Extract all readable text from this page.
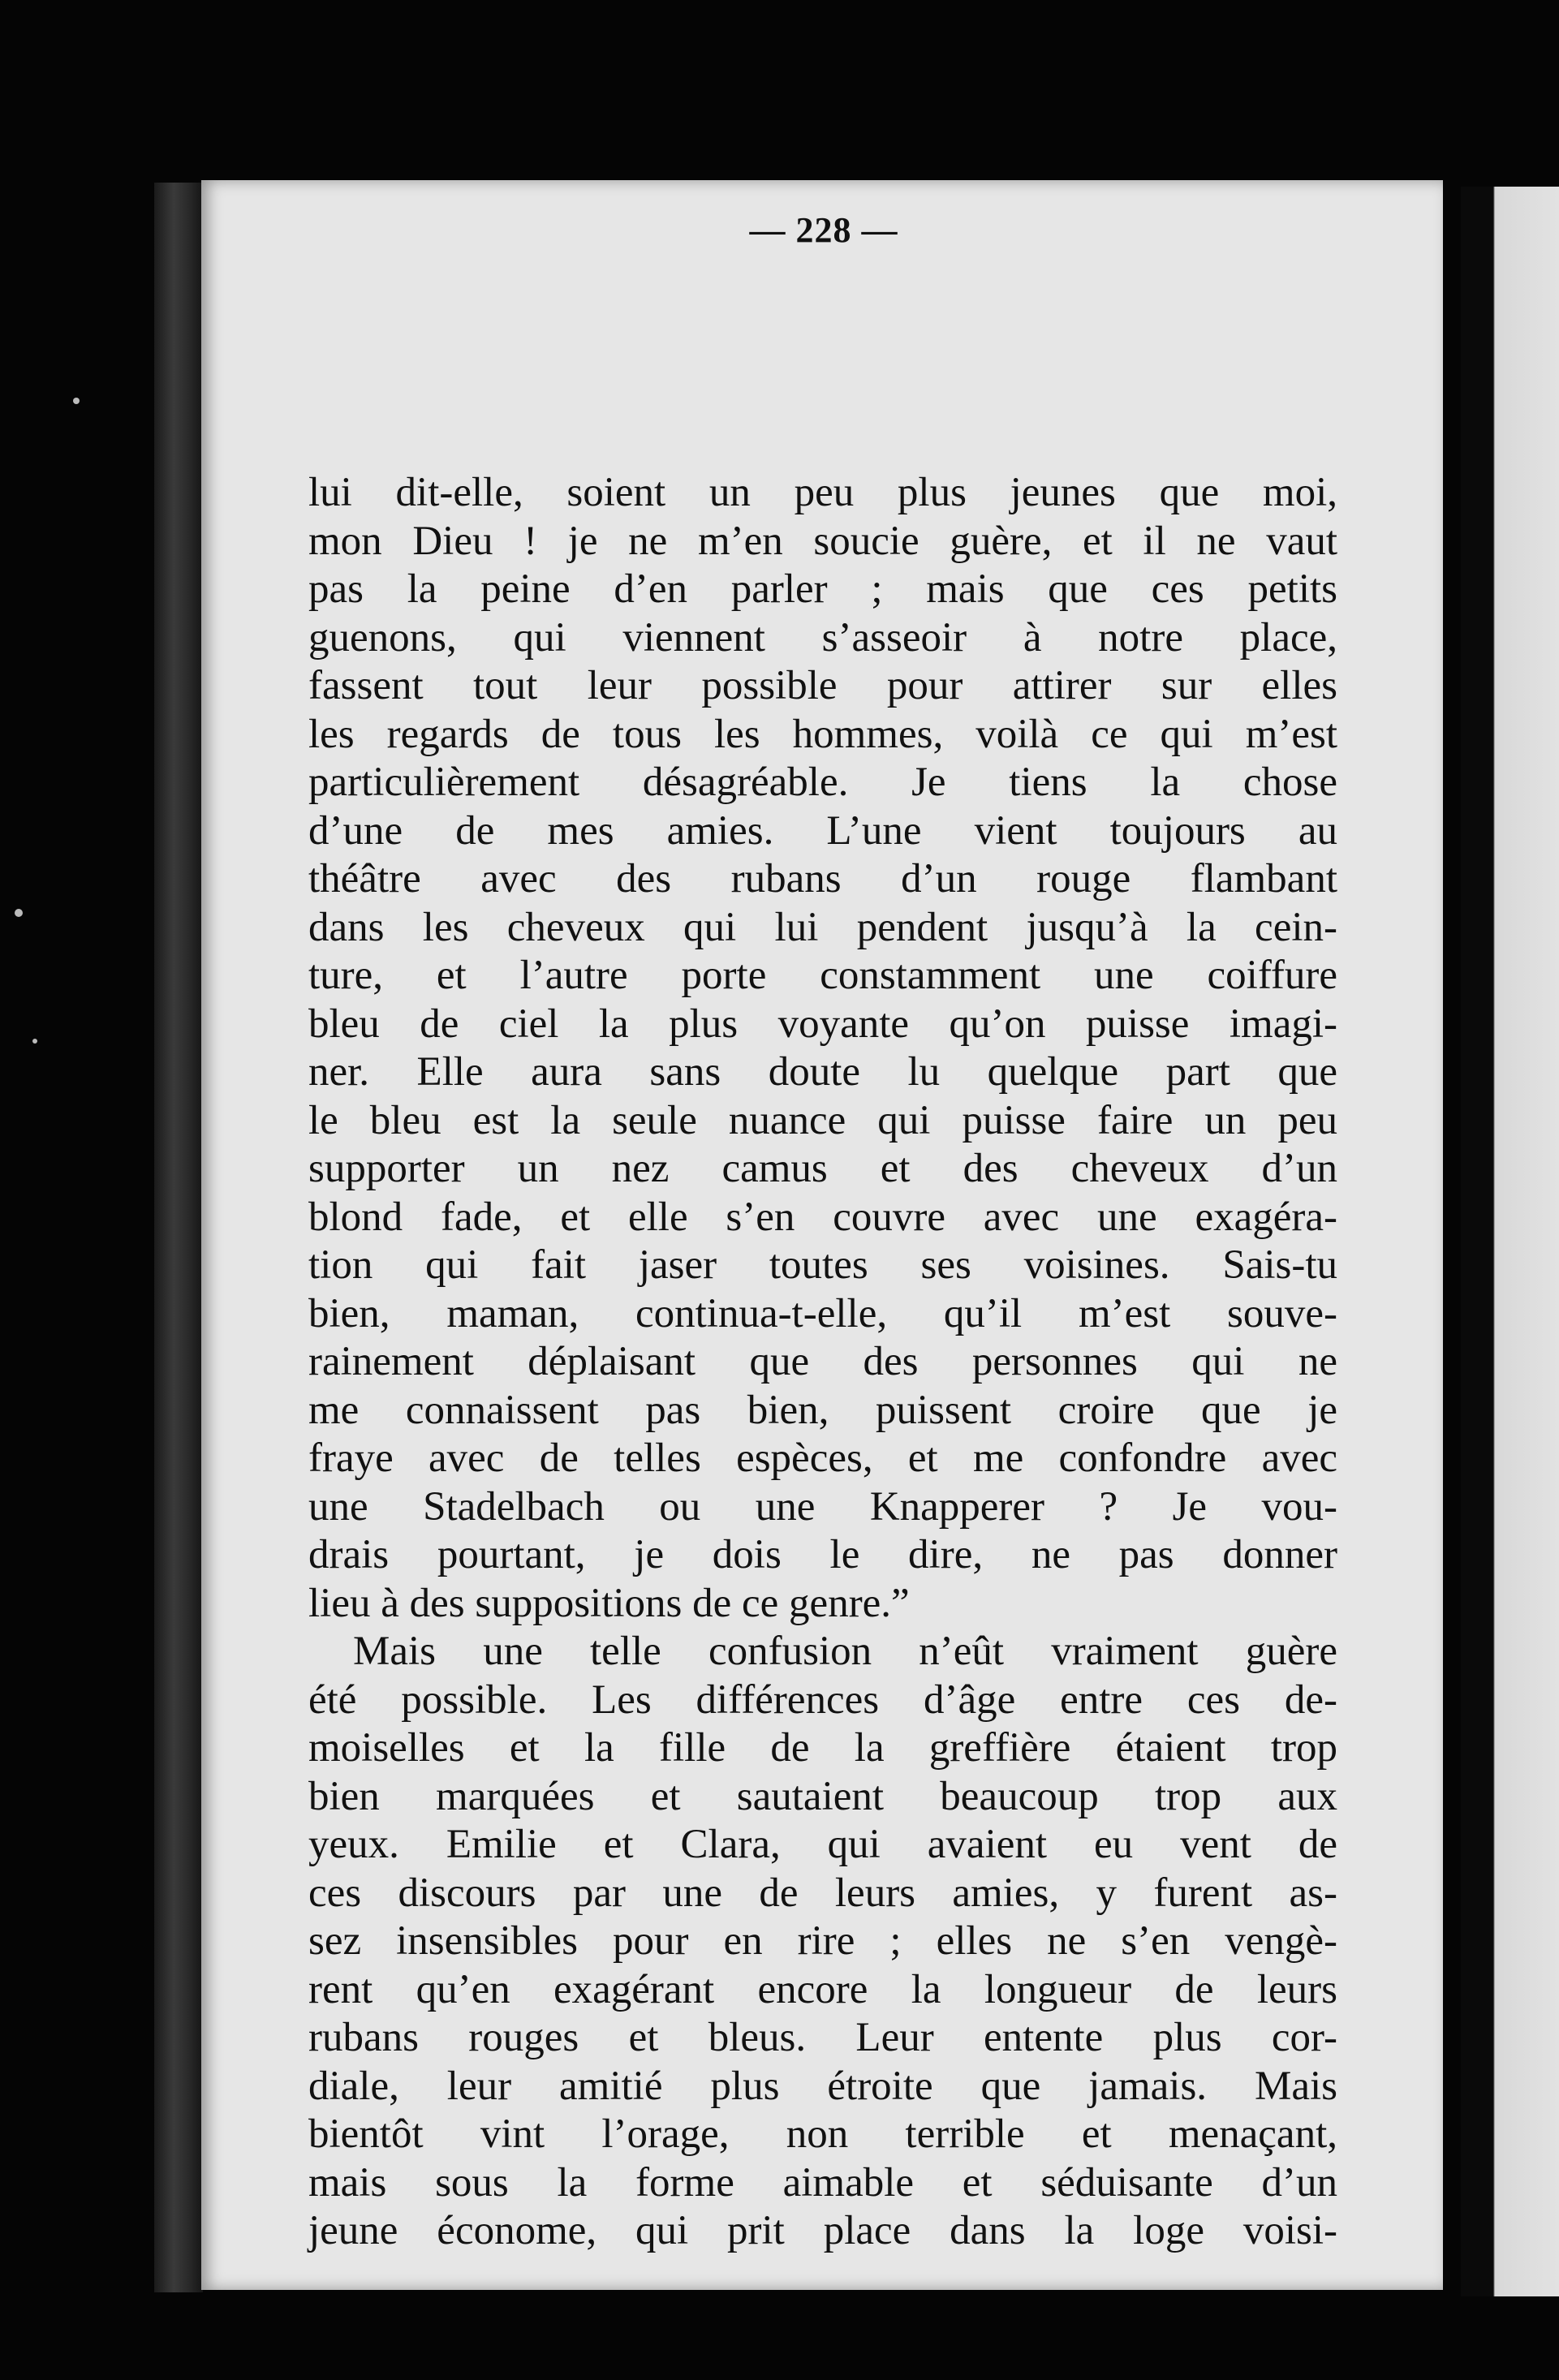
— 228 —
lui dit-elle, soient un peu plus jeunes que moi,
mon Dieu ! je ne m’en soucie guère, et il ne vaut
pas la peine d’en parler ; mais que ces petits
guenons, qui viennent s’asseoir à notre place,
fassent tout leur possible pour attirer sur elles
les regards de tous les hommes, voilà ce qui m’est
particulièrement désagréable. Je tiens la chose
d’une de mes amies. L’une vient toujours au
théâtre avec des rubans d’un rouge flambant
dans les cheveux qui lui pendent jusqu’à la cein-
ture, et l’autre porte constamment une coiffure
bleu de ciel la plus voyante qu’on puisse imagi-
ner. Elle aura sans doute lu quelque part que
le bleu est la seule nuance qui puisse faire un peu
supporter un nez camus et des cheveux d’un
blond fade, et elle s’en couvre avec une exagéra-
tion qui fait jaser toutes ses voisines. Sais-tu
bien, maman, continua-t-elle, qu’il m’est souve-
rainement déplaisant que des personnes qui ne
me connaissent pas bien, puissent croire que je
fraye avec de telles espèces, et me confondre avec
une Stadelbach ou une Knapperer ? Je vou-
drais pourtant, je dois le dire, ne pas donner
lieu à des suppositions de ce genre.”
Mais une telle confusion n’eût vraiment guère
été possible. Les différences d’âge entre ces de-
moiselles et la fille de la greffière étaient trop
bien marquées et sautaient beaucoup trop aux
yeux. Emilie et Clara, qui avaient eu vent de
ces discours par une de leurs amies, y furent as-
sez insensibles pour en rire ; elles ne s’en vengè-
rent qu’en exagérant encore la longueur de leurs
rubans rouges et bleus. Leur entente plus cor-
diale, leur amitié plus étroite que jamais. Mais
bientôt vint l’orage, non terrible et menaçant,
mais sous la forme aimable et séduisante d’un
jeune économe, qui prit place dans la loge voisi-
